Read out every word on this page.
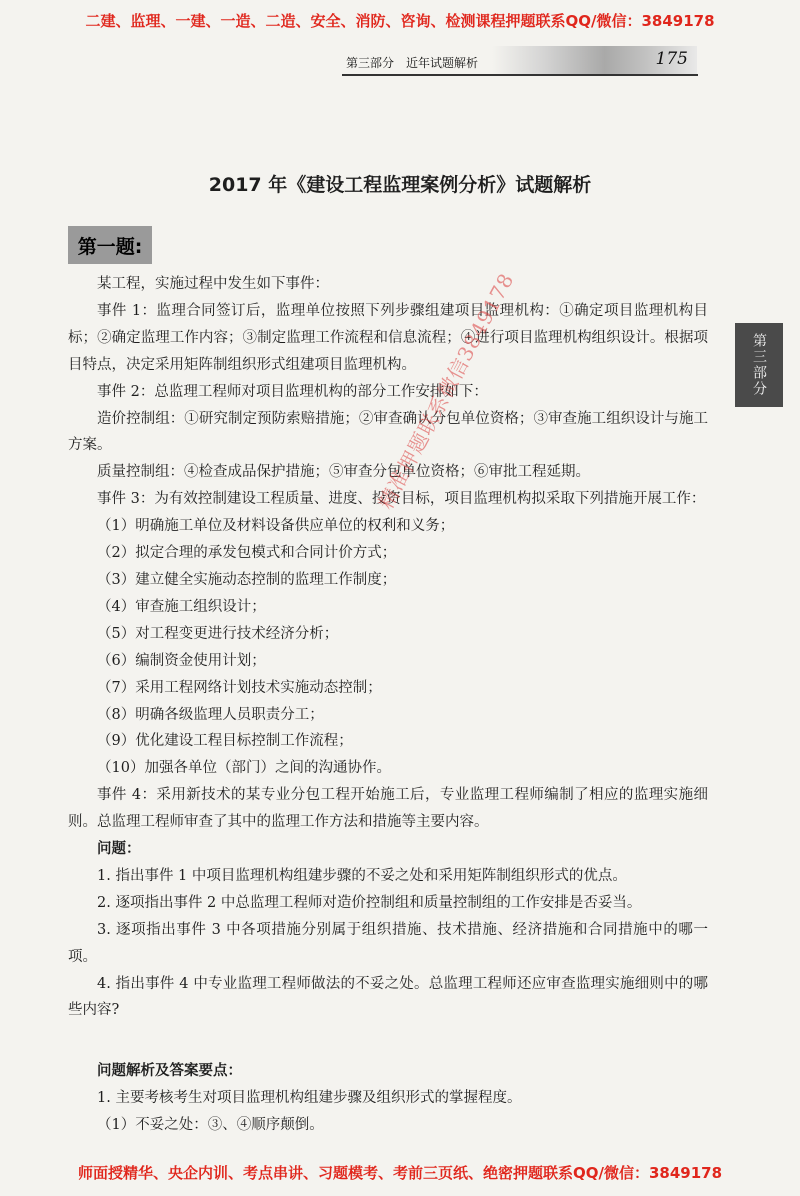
二建、监理、一建、一造、二造、安全、消防、咨询、检测课程押题联系QQ/微信：3849178
第三部分　近年试题解析	175
第三部分
2017 年《建设工程监理案例分析》试题解析
第一题:

某工程，实施过程中发生如下事件：

事件 1：监理合同签订后，监理单位按照下列步骤组建项目监理机构：①确定项目监理机构目标；②确定监理工作内容；③制定监理工作流程和信息流程；④进行项目监理机构组织设计。根据项目特点，决定采用矩阵制组织形式组建项目监理机构。

事件 2：总监理工程师对项目监理机构的部分工作安排如下：

造价控制组：①研究制定预防索赔措施；②审查确认分包单位资格；③审查施工组织设计与施工方案。

质量控制组：④检查成品保护措施；⑤审查分包单位资格；⑥审批工程延期。

事件 3：为有效控制建设工程质量、进度、投资目标，项目监理机构拟采取下列措施开展工作：

（1）明确施工单位及材料设备供应单位的权利和义务；

（2）拟定合理的承发包模式和合同计价方式；

（3）建立健全实施动态控制的监理工作制度；

（4）审查施工组织设计；

（5）对工程变更进行技术经济分析；

（6）编制资金使用计划；

（7）采用工程网络计划技术实施动态控制；

（8）明确各级监理人员职责分工；

（9）优化建设工程目标控制工作流程；

（10）加强各单位（部门）之间的沟通协作。

事件 4：采用新技术的某专业分包工程开始施工后，专业监理工程师编制了相应的监理实施细则。总监理工程师审查了其中的监理工作方法和措施等主要内容。

问题：

1. 指出事件 1 中项目监理机构组建步骤的不妥之处和采用矩阵制组织形式的优点。

2. 逐项指出事件 2 中总监理工程师对造价控制组和质量控制组的工作安排是否妥当。

3. 逐项指出事件 3 中各项措施分别属于组织措施、技术措施、经济措施和合同措施中的哪一项。

4. 指出事件 4 中专业监理工程师做法的不妥之处。总监理工程师还应审查监理实施细则中的哪些内容?

问题解析及答案要点：

1. 主要考核考生对项目监理机构组建步骤及组织形式的掌握程度。

（1）不妥之处：③、④顺序颠倒。

精准押题联系微信3849178
师面授精华、央企内训、考点串讲、习题模考、考前三页纸、绝密押题联系QQ/微信：3849178
